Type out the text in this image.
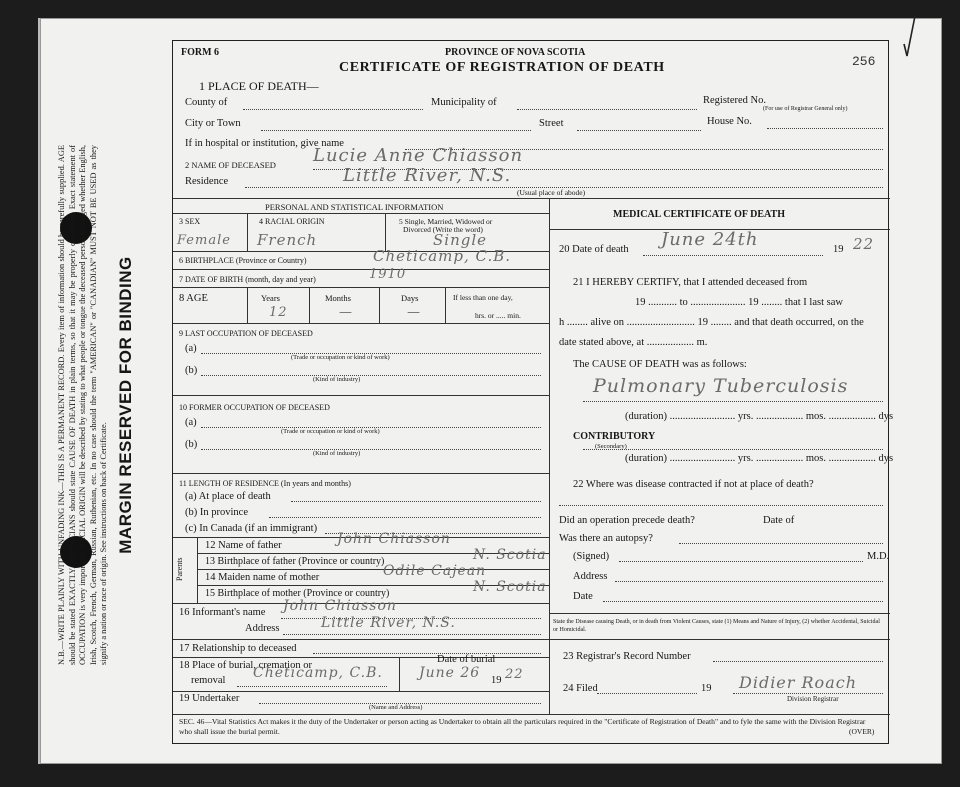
N.B.—WRITE PLAINLY WITH UNFADING INK—THIS IS A PERMANENT RECORD. Every item of information should be carefully supplied. AGE should be stated EXACTLY. PHYSICIANS should state CAUSE OF DEATH in plain terms, so that it may be properly classified. Exact statement of OCCUPATION is very important. RACIAL ORIGIN will be described by stating to what people or tongue the deceased person belonged whether English, Irish, Scotch, French, German, Russian, Ruthenian, etc. In no case should the term "AMERICAN" or "CANADIAN" MUST NOT BE USED as they signify a nation or race of origin. See instructions on back of Certificate. MARGIN RESERVED FOR BINDING
256
FORM 6	PROVINCE OF NOVA SCOTIA
CERTIFICATE OF REGISTRATION OF DEATH
1 PLACE OF DEATH—
County of	Municipality of	Registered No.
(For use of Registrar General only)
City or Town	Street	House No.
If in hospital or institution, give name
2 NAME OF DECEASED Lucie Anne Chiasson
Residence	Little River, N.S.
(Usual place of abode)
PERSONAL AND STATISTICAL INFORMATION
3 SEX	4 RACIAL ORIGIN	5 Single, Married, Widowed or
Divorced (Write the word)
Female French	Single
6 BIRTHPLACE (Province or Country)	Cheticamp, C.B.
7 DATE OF BIRTH (month, day and year)	1910
8 AGE	Years	Months	Days	If less than one day,
hrs. or ..... min.
12	—	—
9 LAST OCCUPATION OF DECEASED
(a)
(Trade or occupation or kind of work)
(b)
(Kind of industry)
10 FORMER OCCUPATION OF DECEASED
(a)
(Trade or occupation or kind of work)
(b)
(Kind of industry)
11 LENGTH OF RESIDENCE (In years and months)
(a) At place of death
(b) In province
(c) In Canada (if an immigrant)
Parents
12 Name of father	John Chiasson
13 Birthplace of father (Province or country)	N. Scotia
14 Maiden name of mother	Odile Cajean
15 Birthplace of mother (Province or country)	N. Scotia
16 Informant's name John Chiasson
Address	Little River, N.S.
17 Relationship to deceased
18 Place of burial, cremation or
removal Cheticamp, C.B.
Date of burial
June 26 19 22
19 Undertaker
(Name and Address)
MEDICAL CERTIFICATE OF DEATH
20 Date of death June 24th	19 22
21 I HEREBY CERTIFY, that I attended deceased from
19 ........... to ..................... 19 ........ that I last saw
h ........ alive on .......................... 19 ........ and that death occurred, on the
date stated above, at .................. m.
The CAUSE OF DEATH was as follows:
Pulmonary Tuberculosis
(duration) ......................... yrs. .................. mos. .................. dys
CONTRIBUTORY
(Secondary)
(duration) ......................... yrs. .................. mos. .................. dys
22 Where was disease contracted if not at place of death?
Did an operation precede death?	Date of
Was there an autopsy?
(Signed)	M.D.
Address
Date
State the Disease causing Death, or in death from Violent Causes, state (1) Means and Nature of Injury, (2) whether Accidental, Suicidal or Homicidal.
23 Registrar's Record Number
24 Filed	19 Didier Roach
Division Registrar
SEC. 46—Vital Statistics Act makes it the duty of the Undertaker or person acting as Undertaker to obtain all the particulars required in the "Certificate of Registration of Death" and to fyle the same with the Division Registrar who shall issue the burial permit.	(OVER)
